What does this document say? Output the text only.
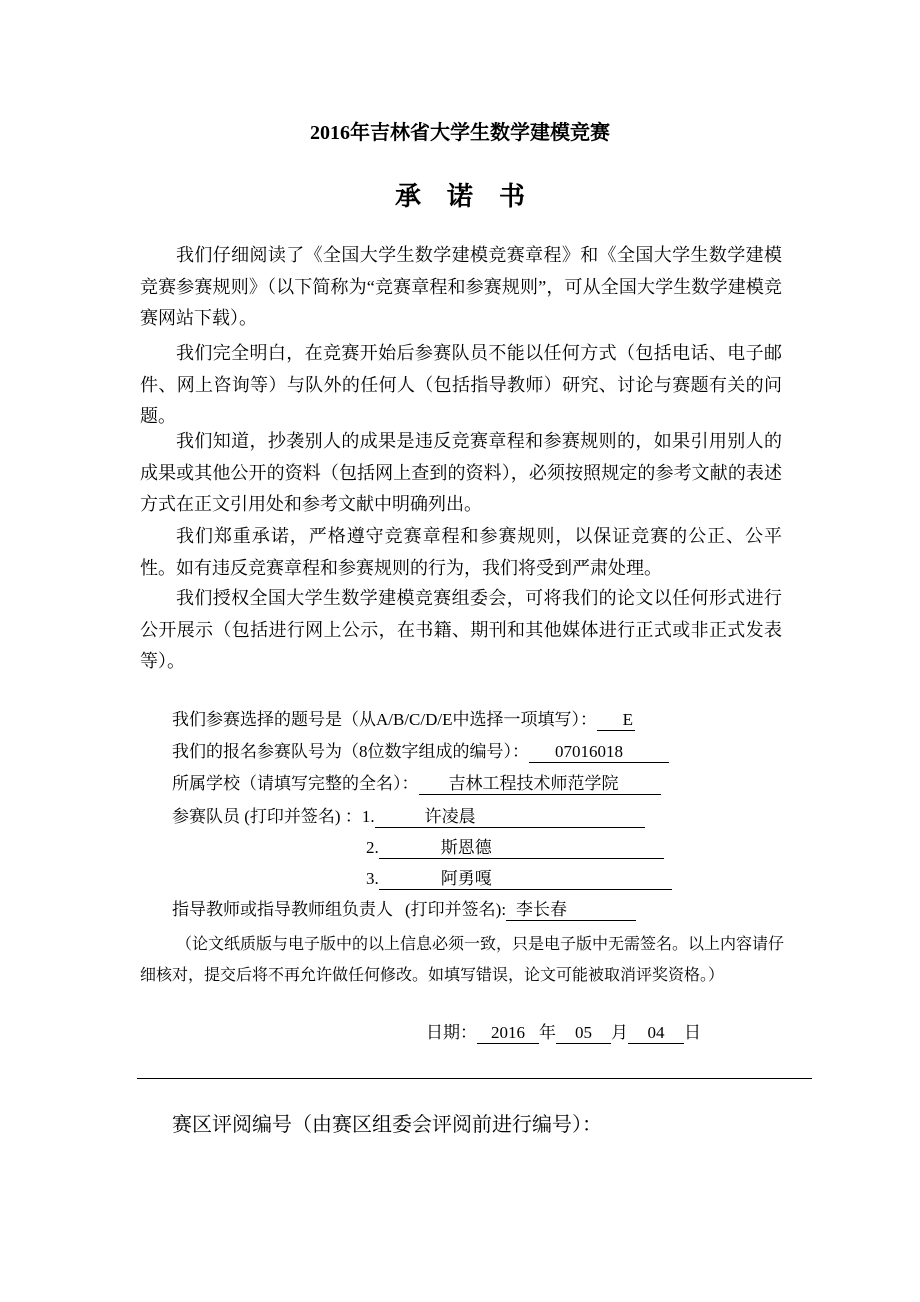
2016年吉林省大学生数学建模竞赛
承诺书

我们仔细阅读了《全国大学生数学建模竞赛章程》和《全国大学生数学建模竞赛参赛规则》（以下简称为“竞赛章程和参赛规则”，可从全国大学生数学建模竞赛网站下载）。

我们完全明白，在竞赛开始后参赛队员不能以任何方式（包括电话、电子邮件、网上咨询等）与队外的任何人（包括指导教师）研究、讨论与赛题有关的问题。

我们知道，抄袭别人的成果是违反竞赛章程和参赛规则的，如果引用别人的成果或其他公开的资料（包括网上查到的资料），必须按照规定的参考文献的表述方式在正文引用处和参考文献中明确列出。

我们郑重承诺，严格遵守竞赛章程和参赛规则，以保证竞赛的公正、公平性。如有违反竞赛章程和参赛规则的行为，我们将受到严肃处理。

我们授权全国大学生数学建模竞赛组委会，可将我们的论文以任何形式进行公开展示（包括进行网上公示，在书籍、期刊和其他媒体进行正式或非正式发表等）。

我们参赛选择的题号是（从A/B/C/D/E中选择一项填写）： E
我们的报名参赛队号为（8位数字组成的编号）： 07016018
所属学校（请填写完整的全名）： 吉林工程技术师范学院
参赛队员 (打印并签名) ：1.	许凌晨
2.	斯恩德
3.	阿勇嘎
指导教师或指导教师组负责人 (打印并签名): 李长春

（论文纸质版与电子版中的以上信息必须一致，只是电子版中无需签名。以上内容请仔细核对，提交后将不再允许做任何修改。如填写错误，论文可能被取消评奖资格。）

日期： 2016 年 05 月 04 日
赛区评阅编号（由赛区组委会评阅前进行编号）：
